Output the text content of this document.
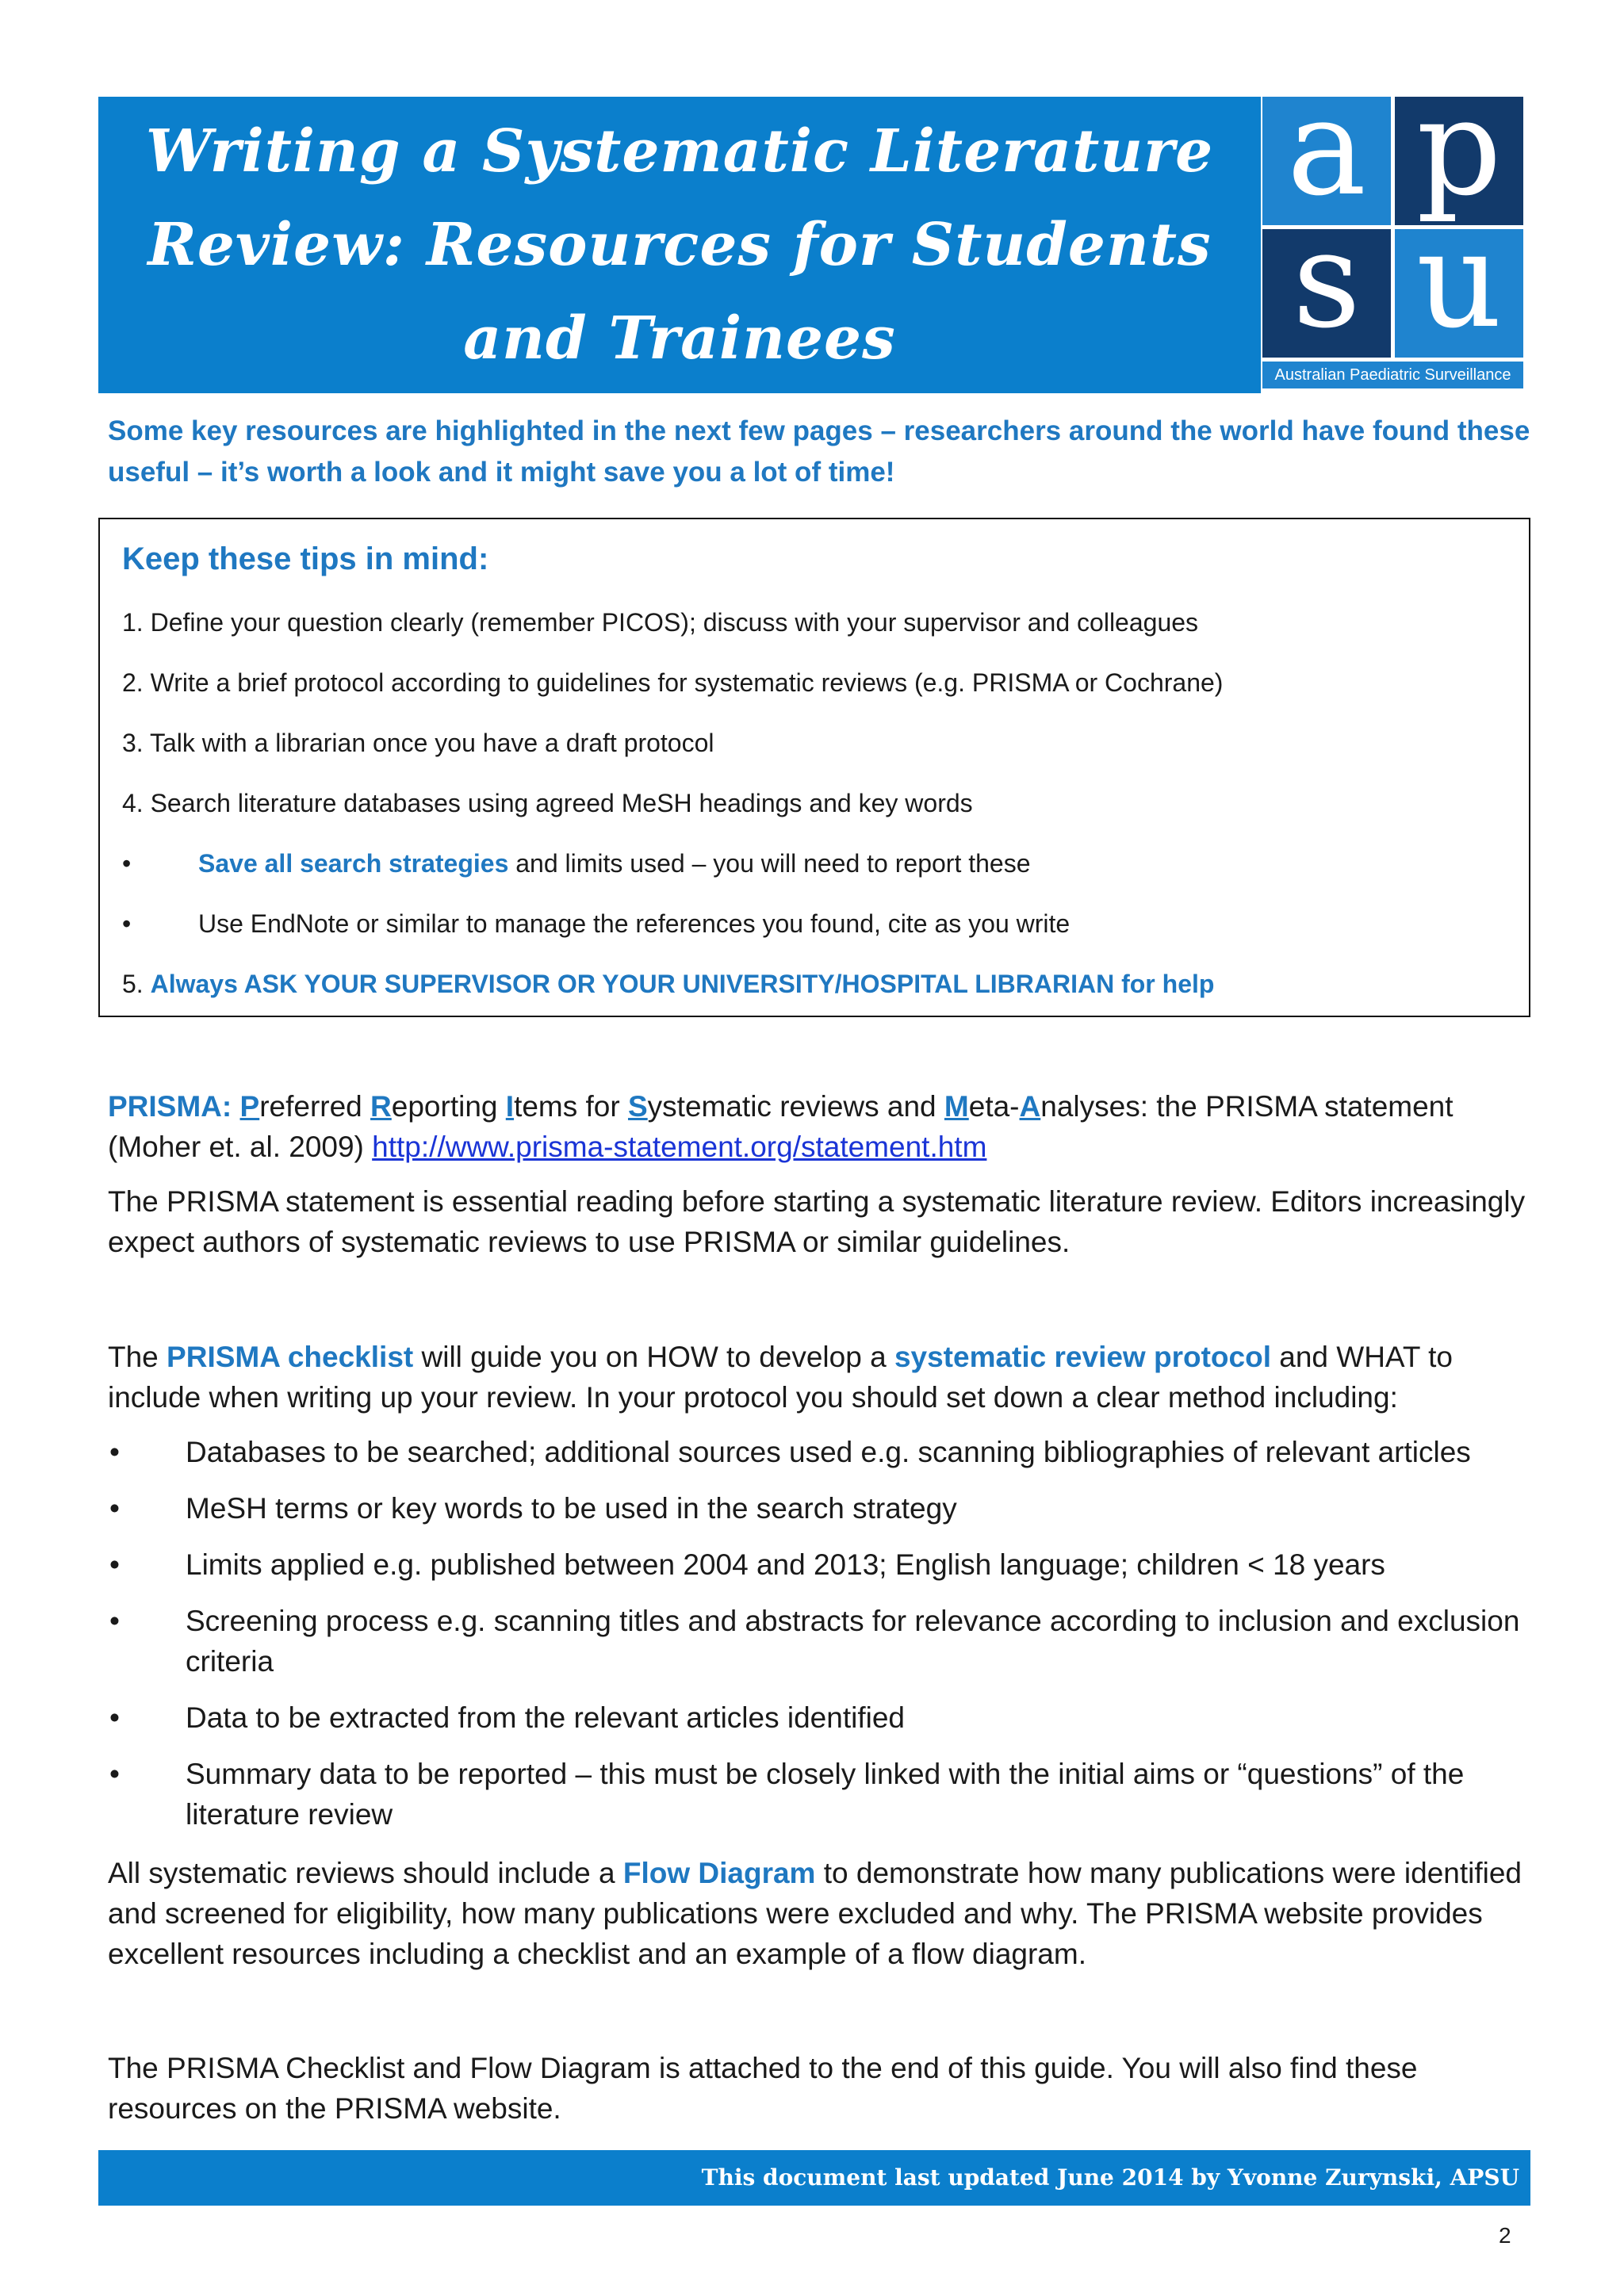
Writing a Systematic Literature
Review: Resources for Students
and Trainees
a p
s u
Australian Paediatric Surveillance Unit

Some key resources are highlighted in the next few pages – researchers around the world have found these useful – it’s worth a look and it might save you a lot of time!

Keep these tips in mind:

1. Define your question clearly (remember PICOS); discuss with your supervisor and colleagues

2. Write a brief protocol according to guidelines for systematic reviews (e.g. PRISMA or Cochrane)

3. Talk with a librarian once you have a draft protocol

4. Search literature databases using agreed MeSH headings and key words

•	Save all search strategies and limits used – you will need to report these

•	Use EndNote or similar to manage the references you found, cite as you write

5. Always ASK YOUR SUPERVISOR OR YOUR UNIVERSITY/HOSPITAL LIBRARIAN for help

PRISMA: Preferred Reporting Items for Systematic reviews and Meta-Analyses: the PRISMA statement
(Moher et. al. 2009) http://www.prisma-statement.org/statement.htm

The PRISMA statement is essential reading before starting a systematic literature review. Editors increasingly expect authors of systematic reviews to use PRISMA or similar guidelines.

The PRISMA checklist will guide you on HOW to develop a systematic review protocol and WHAT to include when writing up your review. In your protocol you should set down a clear method including:

• Databases to be searched; additional sources used e.g. scanning bibliographies of relevant articles
• MeSH terms or key words to be used in the search strategy
• Limits applied e.g. published between 2004 and 2013; English language; children < 18 years
• Screening process e.g. scanning titles and abstracts for relevance according to inclusion and exclusion criteria
• Data to be extracted from the relevant articles identified
• Summary data to be reported – this must be closely linked with the initial aims or “questions” of the literature review

All systematic reviews should include a Flow Diagram to demonstrate how many publications were identified and screened for eligibility, how many publications were excluded and why. The PRISMA website provides excellent resources including a checklist and an example of a flow diagram.

The PRISMA Checklist and Flow Diagram is attached to the end of this guide. You will also find these resources on the PRISMA website.

This document last updated June 2014 by Yvonne Zurynski, APSU
2
